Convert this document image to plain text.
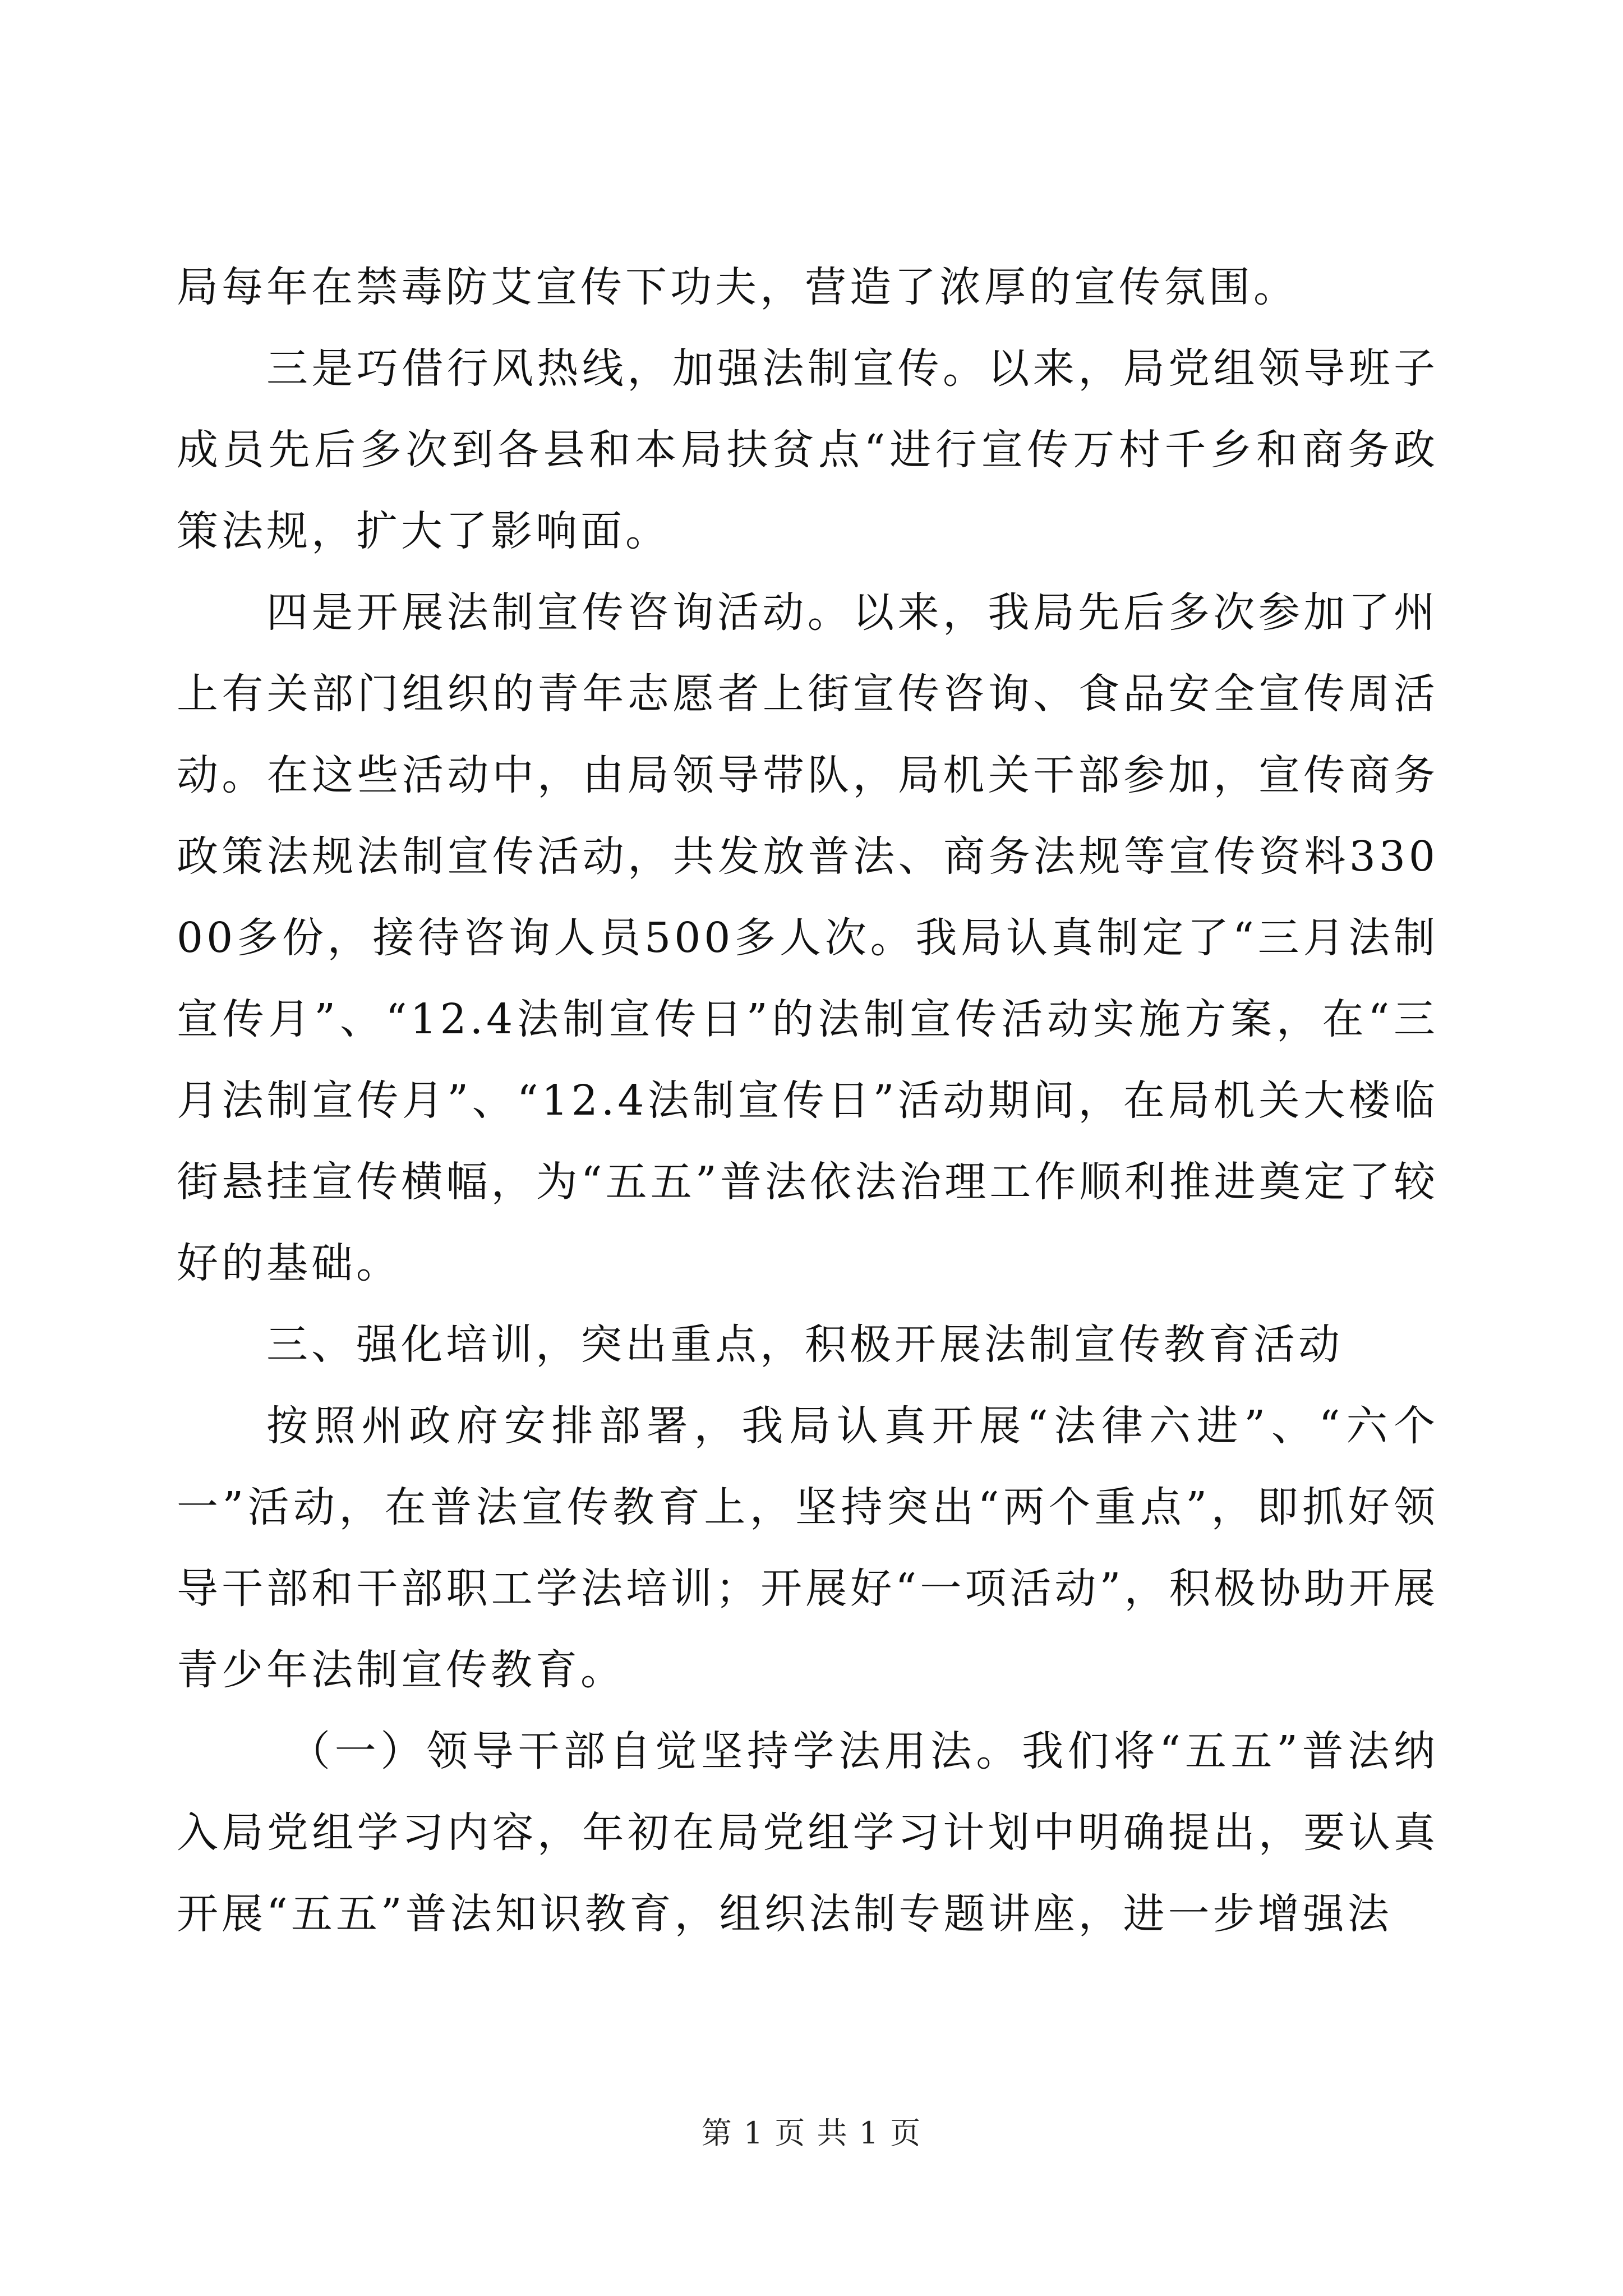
局每年在禁毒防艾宣传下功夫，营造了浓厚的宣传氛围。

三是巧借行风热线，加强法制宣传。以来，局党组领导班子成员先后多次到各县和本局扶贫点“进行宣传万村千乡和商务政策法规，扩大了影响面。

四是开展法制宣传咨询活动。以来，我局先后多次参加了州上有关部门组织的青年志愿者上街宣传咨询、食品安全宣传周活动。在这些活动中，由局领导带队，局机关干部参加，宣传商务政策法规法制宣传活动，共发放普法、商务法规等宣传资料33000多份，接待咨询人员500多人次。我局认真制定了“三月法制宣传月”、“12.4法制宣传日”的法制宣传活动实施方案，在“三月法制宣传月”、“12.4法制宣传日”活动期间，在局机关大楼临街悬挂宣传横幅，为“五五”普法依法治理工作顺利推进奠定了较好的基础。

三、强化培训，突出重点，积极开展法制宣传教育活动

按照州政府安排部署，我局认真开展“法律六进”、“六个一”活动，在普法宣传教育上，坚持突出“两个重点”，即抓好领导干部和干部职工学法培训；开展好“一项活动”，积极协助开展青少年法制宣传教育。

（一）领导干部自觉坚持学法用法。我们将“五五”普法纳入局党组学习内容，年初在局党组学习计划中明确提出，要认真开展“五五”普法知识教育，组织法制专题讲座，进一步增强法

第 1 页 共 1 页
